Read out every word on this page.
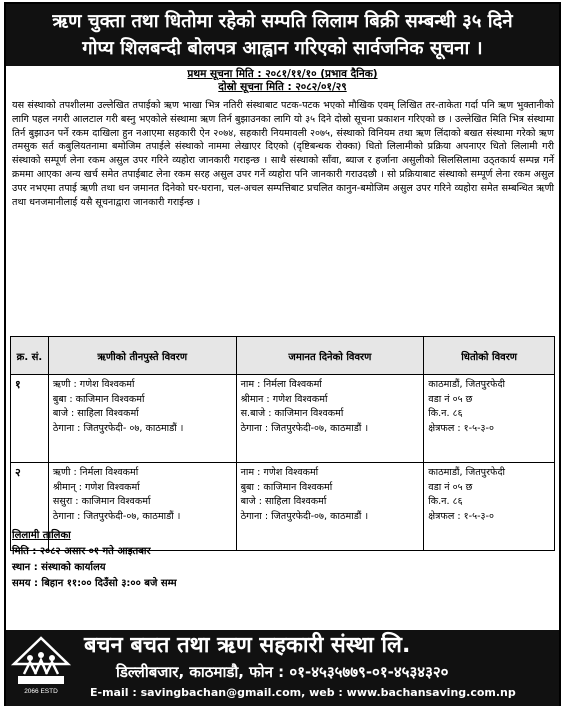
ऋण चुक्ता तथा धितोमा रहेको सम्पति लिलाम बिक्री सम्बन्धी ३५ दिने
गोप्य शिलबन्दी बोलपत्र आह्वान गरिएको सार्वजनिक सूचना ।
प्रथम सूचना मिति : २०८१/११/१० (प्रभाव दैनिक)
दोस्रो सूचना मिति : २०८२/०१/२९

यस संस्थाको तपशीलमा उल्लेखित तपाईको ऋण भाखा भित्र नतिरी संस्थाबाट पटक-पटक भएको मौखिक एवम् लिखित तर-ताकेता गर्दा पनि ऋण भुक्तानीको लागि पहल नगरी आलटाल गरी बस्नु भएकोले संस्थामा ऋण तिर्न बुझाउनका लागि यो ३५ दिने दोस्रो सूचना प्रकाशन गरिएको छ । उल्लेखित मिति भित्र संस्थामा तिर्न बुझाउन पर्ने रकम दाखिला हुन नआएमा सहकारी ऐन २०७४, सहकारी नियमावली २०७५, संस्थाको विनियम तथा ऋण लिंदाको बखत संस्थामा गरेको ऋण तमसुक सर्त कबुलियतनामा बमोजिम तपाईले संस्थाको नाममा लेखाएर दिएको (दृष्टिबन्धक रोक्का) धितो लिलामीको प्रक्रिया अपनाएर धितो लिलामी गरी संस्थाको सम्पूर्ण लेना रकम असुल उपर गरिने व्यहोरा जानकारी गराइन्छ । साथै संस्थाको साँवा, ब्याज र हर्जाना असुलीको सिलसिलामा उठ्तकार्य सम्पन्न गर्ने क्रममा आएका अन्य खर्च समेत तपाईबाट लेना रकम सरह असुल उपर गर्ने व्यहोरा पनि जानकारी गराउदछौ । सो प्रक्रियाबाट संस्थाको सम्पूर्ण लेना रकम असुल उपर नभएमा तपाई ऋणी तथा धन जमानत दिनेको घर-घराना, चल-अचल सम्पत्तिबाट प्रचलित कानुन-बमोजिम असुल उपर गरिने व्यहोरा समेत सम्बन्धित ऋणी तथा धनजमानीलाई यसै सूचनाद्वारा जानकारी गराईन्छ ।

क्र. सं.	ऋणीको तीनपुस्ते विवरण	जमानत दिनेको विवरण	धितोको विवरण
१	ऋणी : गणेश विश्वकर्मा
बुबा : काजिमान विश्वकर्मा
बाजे : साहिला विश्वकर्मा
ठेगाना : जितपुरफेदी- ०७, काठमाडौं ।	नाम : निर्मला विश्वकर्मा
श्रीमान : गणेश विश्वकर्मा
स.बाजे : काजिमान विश्वकर्मा
ठेगाना : जितपुरफेदी-०७, काठमाडौं ।	काठमाडौं, जितपुरफेदी
वडा नं ०५ छ
कि.न. ८६
क्षेत्रफल : १-५-३-०

२	ऋणी : निर्मला विश्वकर्मा
श्रीमान् : गणेश विश्वकर्मा
ससुरा : काजिमान विश्वकर्मा
ठेगाना : जितपुरफेदी-०७, काठमाडौं ।	नाम : गणेश विश्वकर्मा
बुबा : काजिमान विश्वकर्मा
बाजे : साहिला विश्वकर्मा
ठेगाना : जितपुरफेदी-०७, काठमाडौं ।	काठमाडौं, जितपुरफेदी
वडा नं ०५ छ
कि.न. ८६
क्षेत्रफल : १-५-३-०
लिलामी तालिका
मिति : २०८२ असार ०१ गते आइतबार
स्थान : संस्थाको कार्यालय
समय : बिहान ११:०० दिउँसो ३:०० बजे सम्म
2066 ESTD
बचन बचत तथा ऋण सहकारी संस्था लि.
डिल्लीबजार, काठमाडौ, फोन : ०१-४५३५७७९-०१-४५३४३२०
E-mail : savingbachan@gmail.com, web : www.bachansaving.com.np
